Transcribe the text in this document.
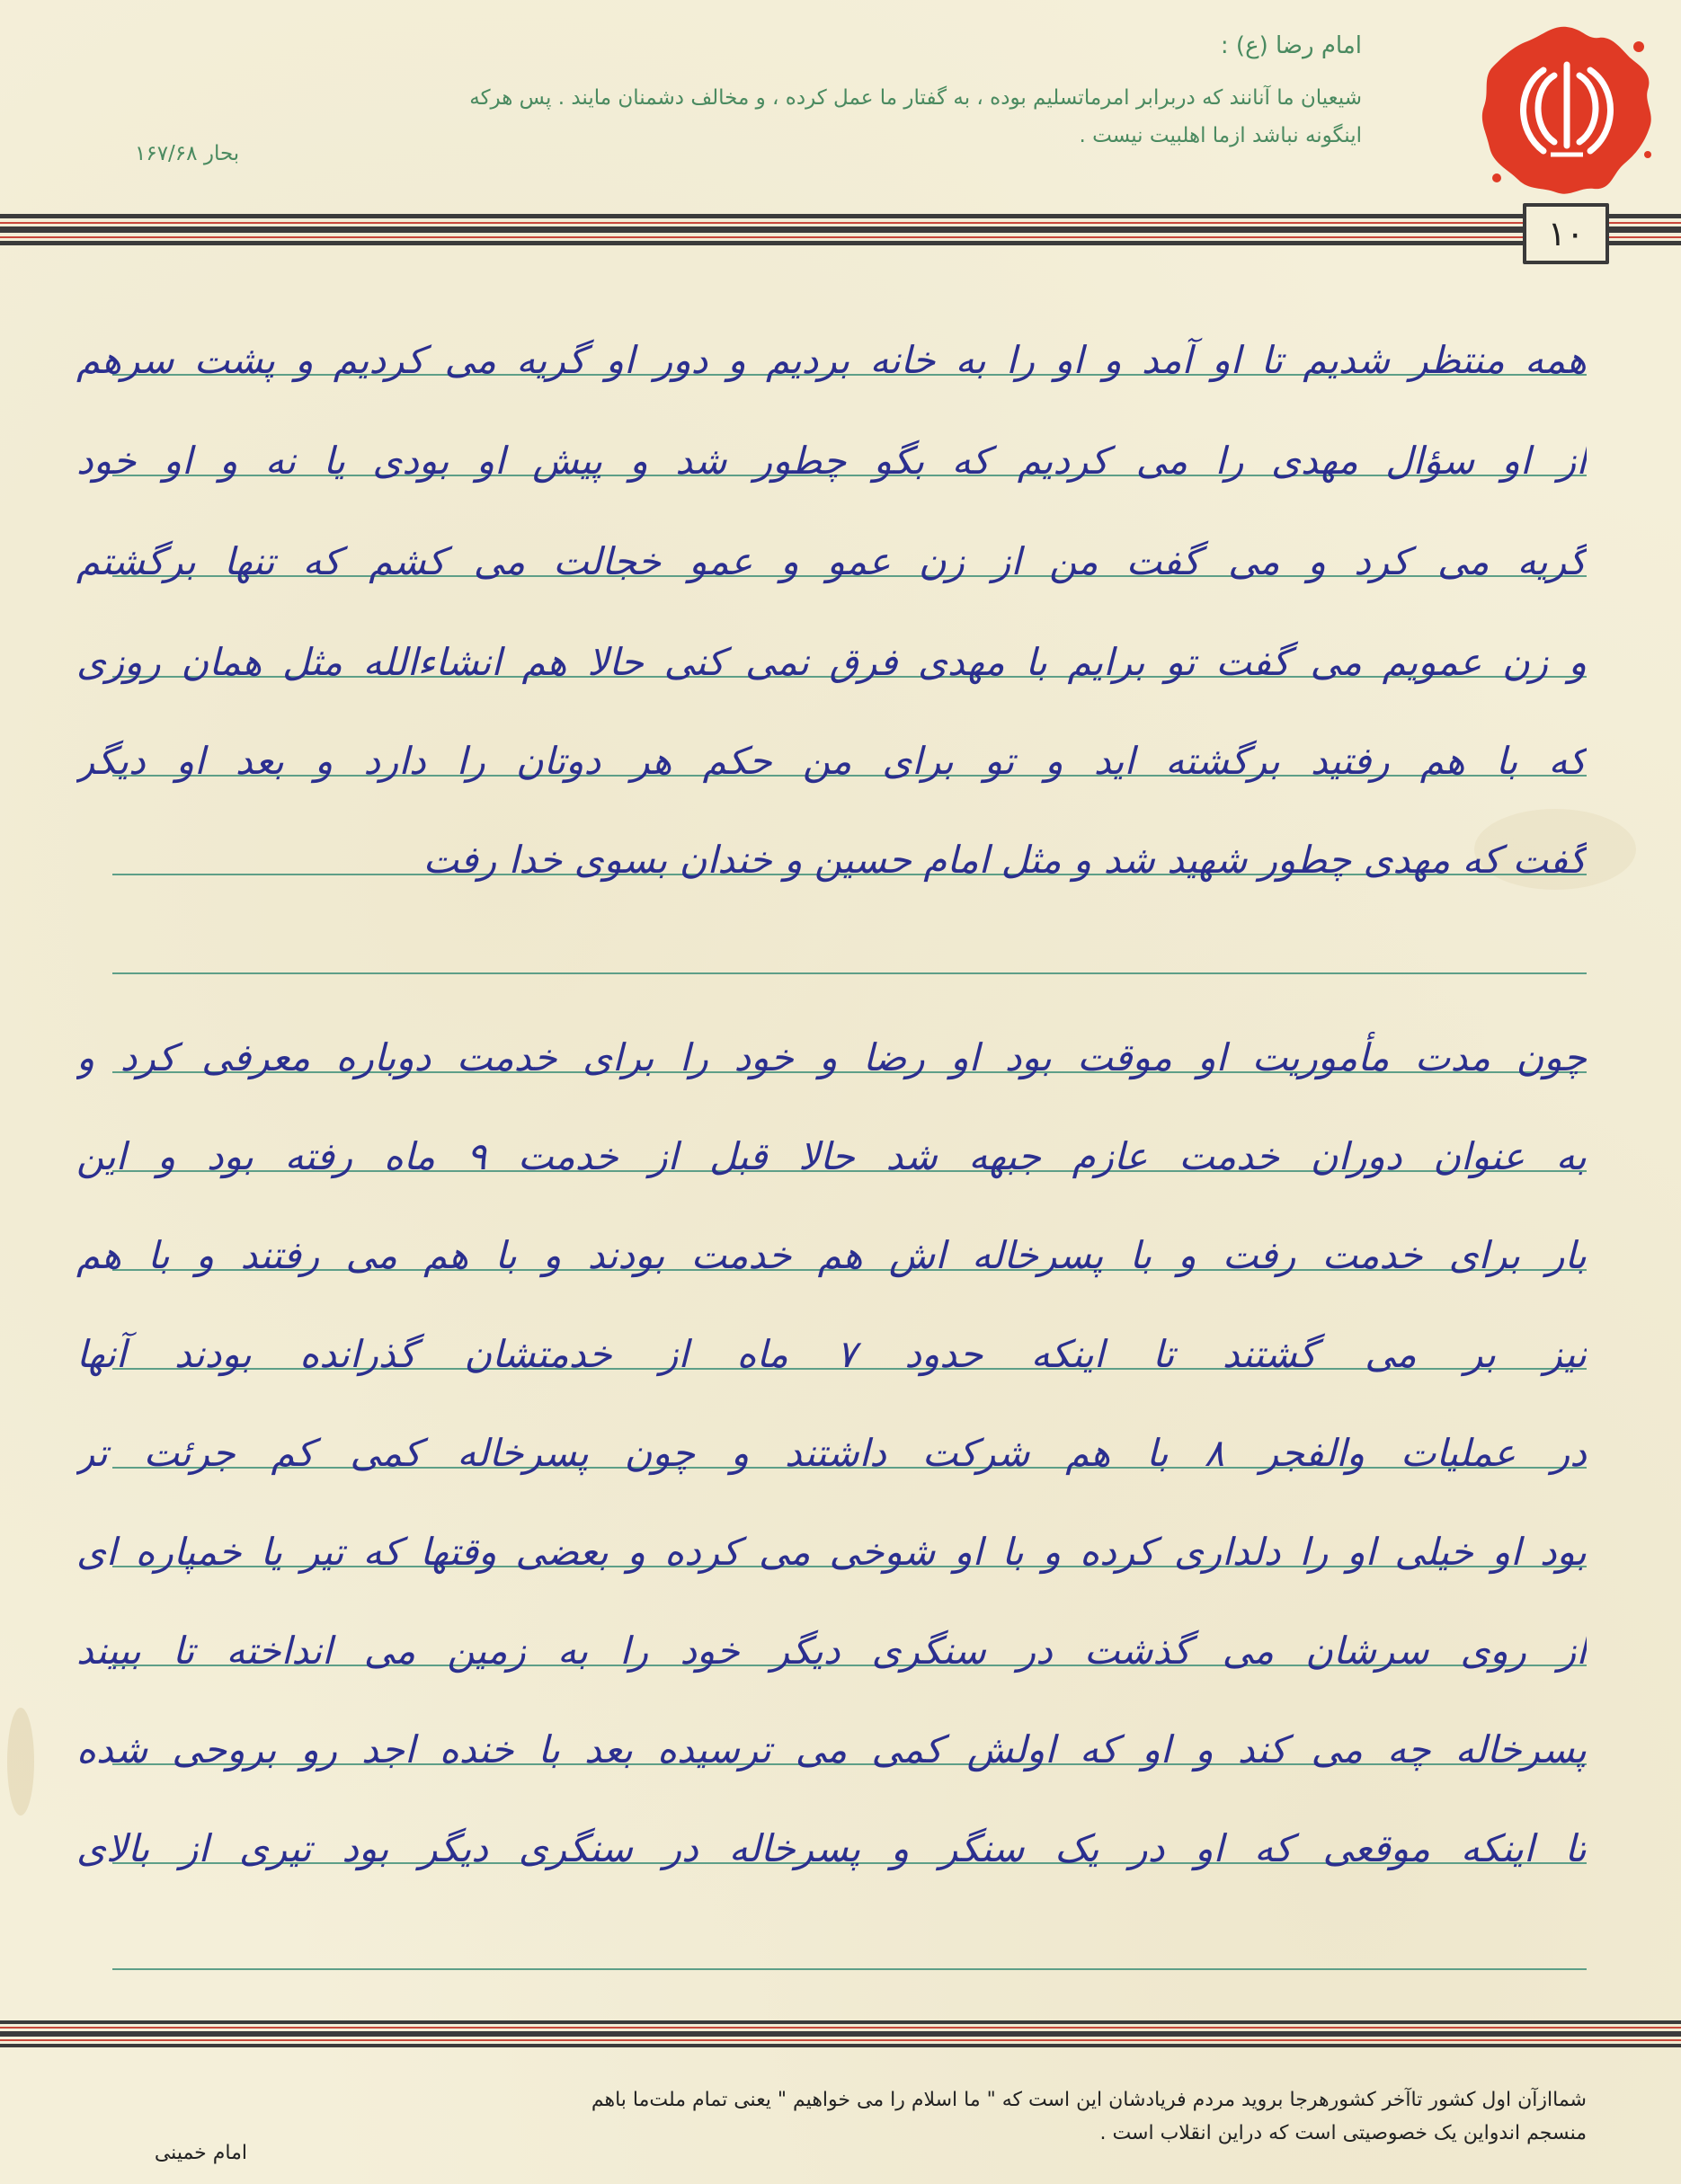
امام رضا (ع) :
شیعیان ما آنانند که دربرابر امرماتسلیم بوده ، به گفتار ما عمل کرده ، و مخالف دشمنان مایند . پس هرکه
اینگونه نباشد ازما اهلبیت نیست .
بحار ۱۶۷/۶۸
١٠
همه منتظر شدیم تا او آمد و او را به خانه بردیم و دور او گریه می کردیم و پشت سرهم
از او سؤال مهدی را می کردیم که بگو چطور شد و پیش او بودی یا نه و او خود
گریه می کرد و می گفت من از زن عمو و عمو خجالت می کشم که تنها برگشتم
و زن عمویم می گفت تو برایم با مهدی فرق نمی کنی حالا هم انشاءالله مثل همان روزی
که با هم رفتید برگشته اید و تو برای من حکم هر دوتان را دارد و بعد او دیگر
گفت که مهدی چطور شهید شد و مثل امام حسین و خندان بسوی خدا رفت
چون مدت مأموریت او موقت بود او رضا و خود را برای خدمت دوباره معرفی کرد و
به عنوان دوران خدمت عازم جبهه شد حالا قبل از خدمت ۹ ماه رفته بود و این
بار برای خدمت رفت و با پسرخاله اش هم خدمت بودند و با هم می رفتند و با هم
نیز بر می گشتند تا اینکه حدود ۷ ماه از خدمتشان گذرانده بودند آنها
در عملیات والفجر ۸ با هم شرکت داشتند و چون پسرخاله کمی کم جرئت تر
بود او خیلی او را دلداری کرده و با او شوخی می کرده و بعضی وقتها که تیر یا خمپاره ای
از روی سرشان می گذشت در سنگری دیگر خود را به زمین می انداخته تا ببیند
پسرخاله چه می کند و او که اولش کمی می ترسیده بعد با خنده اجد رو بروحی شده
تا اینکه موقعی که او در یک سنگر و پسرخاله در سنگری دیگر بود تیری از بالای
شماازآن اول کشور تاآخر کشورهرجا بروید مردم فریادشان این است که " ما اسلام را می خواهیم " یعنی تمام ملت‌ما باهم
منسجم اندواین یک خصوصیتی است که دراین انقلاب است .
امام خمینی
